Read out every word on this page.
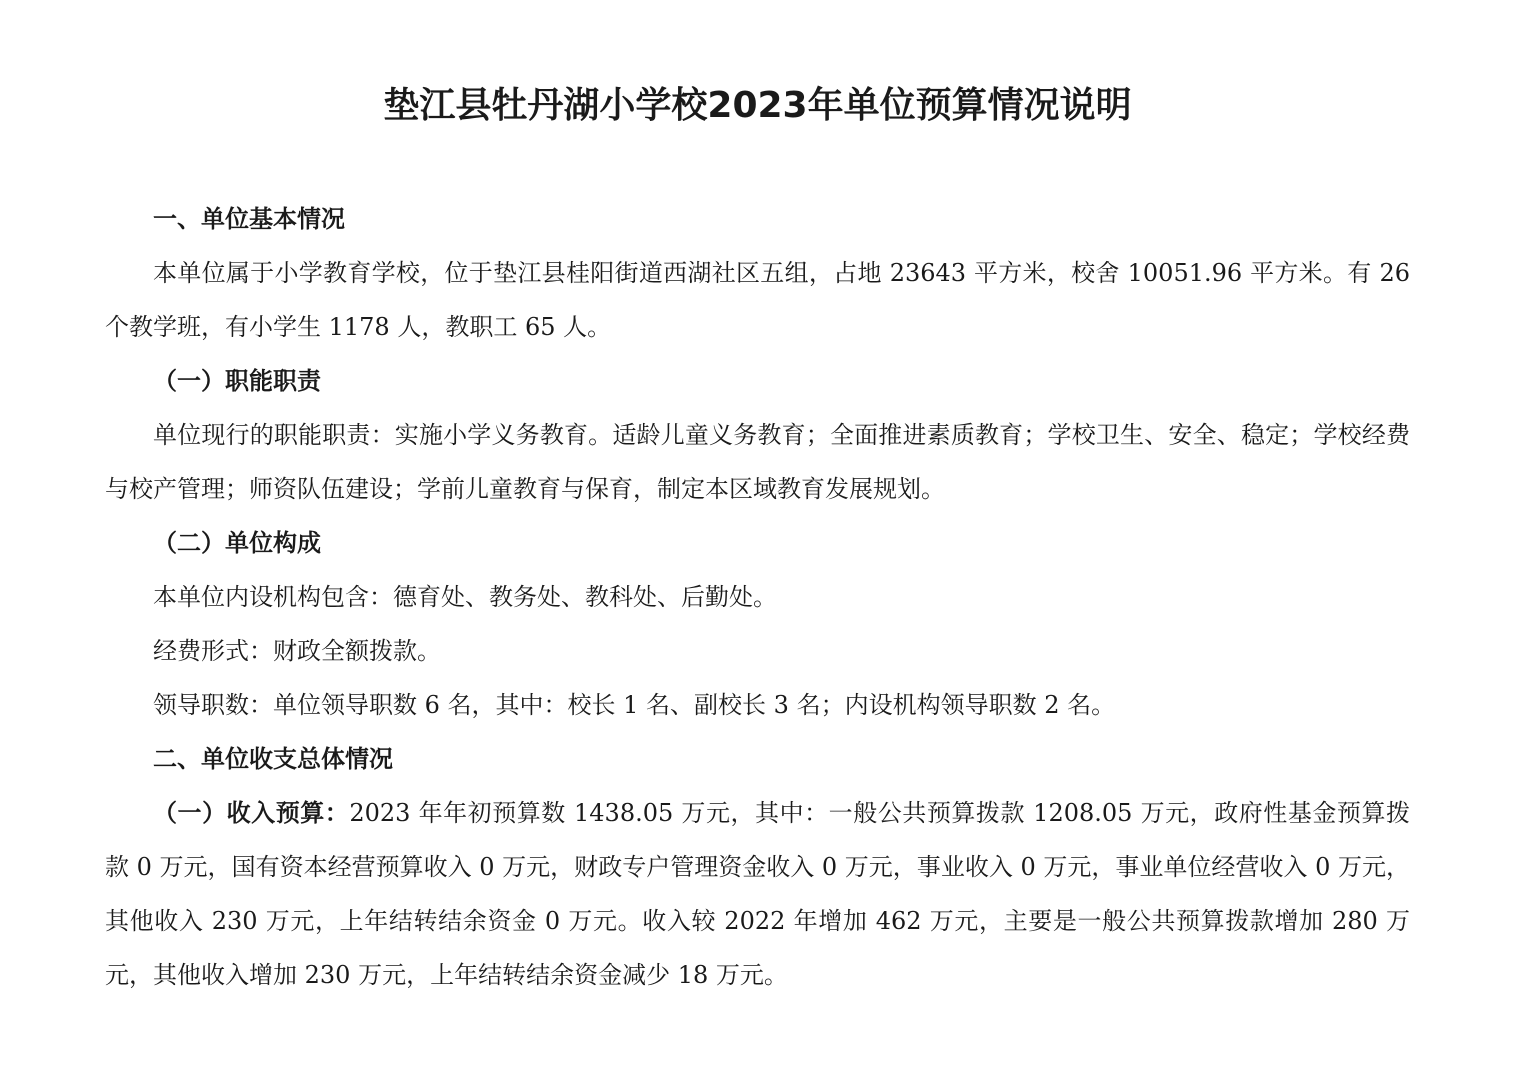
垫江县牡丹湖小学校2023年单位预算情况说明

一、单位基本情况

本单位属于小学教育学校，位于垫江县桂阳街道西湖社区五组，占地 23643 平方米，校舍 10051.96 平方米。有 26 个教学班，有小学生 1178 人，教职工 65 人。

（一）职能职责

单位现行的职能职责：实施小学义务教育。适龄儿童义务教育；全面推进素质教育；学校卫生、安全、稳定；学校经费与校产管理；师资队伍建设；学前儿童教育与保育，制定本区域教育发展规划。

（二）单位构成

本单位内设机构包含：德育处、教务处、教科处、后勤处。

经费形式：财政全额拨款。

领导职数：单位领导职数 6 名，其中：校长 1 名、副校长 3 名；内设机构领导职数 2 名。

二、单位收支总体情况

（一）收入预算：2023 年年初预算数 1438.05 万元，其中：一般公共预算拨款 1208.05 万元，政府性基金预算拨款 0 万元，国有资本经营预算收入 0 万元，财政专户管理资金收入 0 万元，事业收入 0 万元，事业单位经营收入 0 万元，其他收入 230 万元，上年结转结余资金 0 万元。收入较 2022 年增加 462 万元，主要是一般公共预算拨款增加 280 万元，其他收入增加 230 万元，上年结转结余资金减少 18 万元。
